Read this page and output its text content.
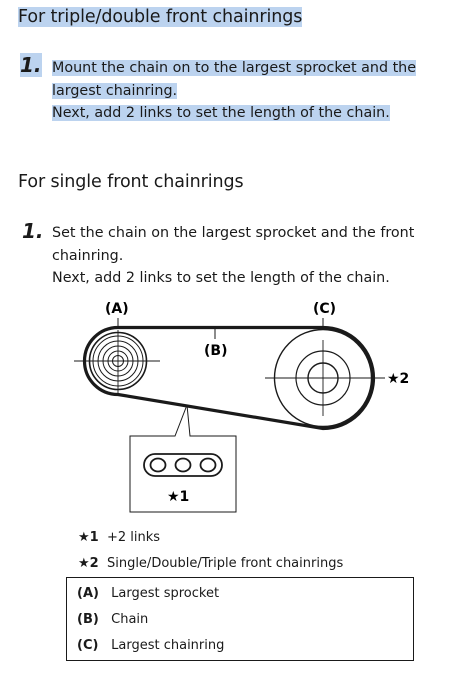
For triple/double front chainrings
1. Mount the chain on to the largest sprocket and the
largest chainring.
Next, add 2 links to set the length of the chain.
For single front chainrings
1. Set the chain on the largest sprocket and the front
chainring.
Next, add 2 links to set the length of the chain.
(A)	(C)
(B)
★2
★1
★1 +2 links
★2 Single/Double/Triple front chainrings
(A) Largest sprocket
(B) Chain
(C) Largest chainring
